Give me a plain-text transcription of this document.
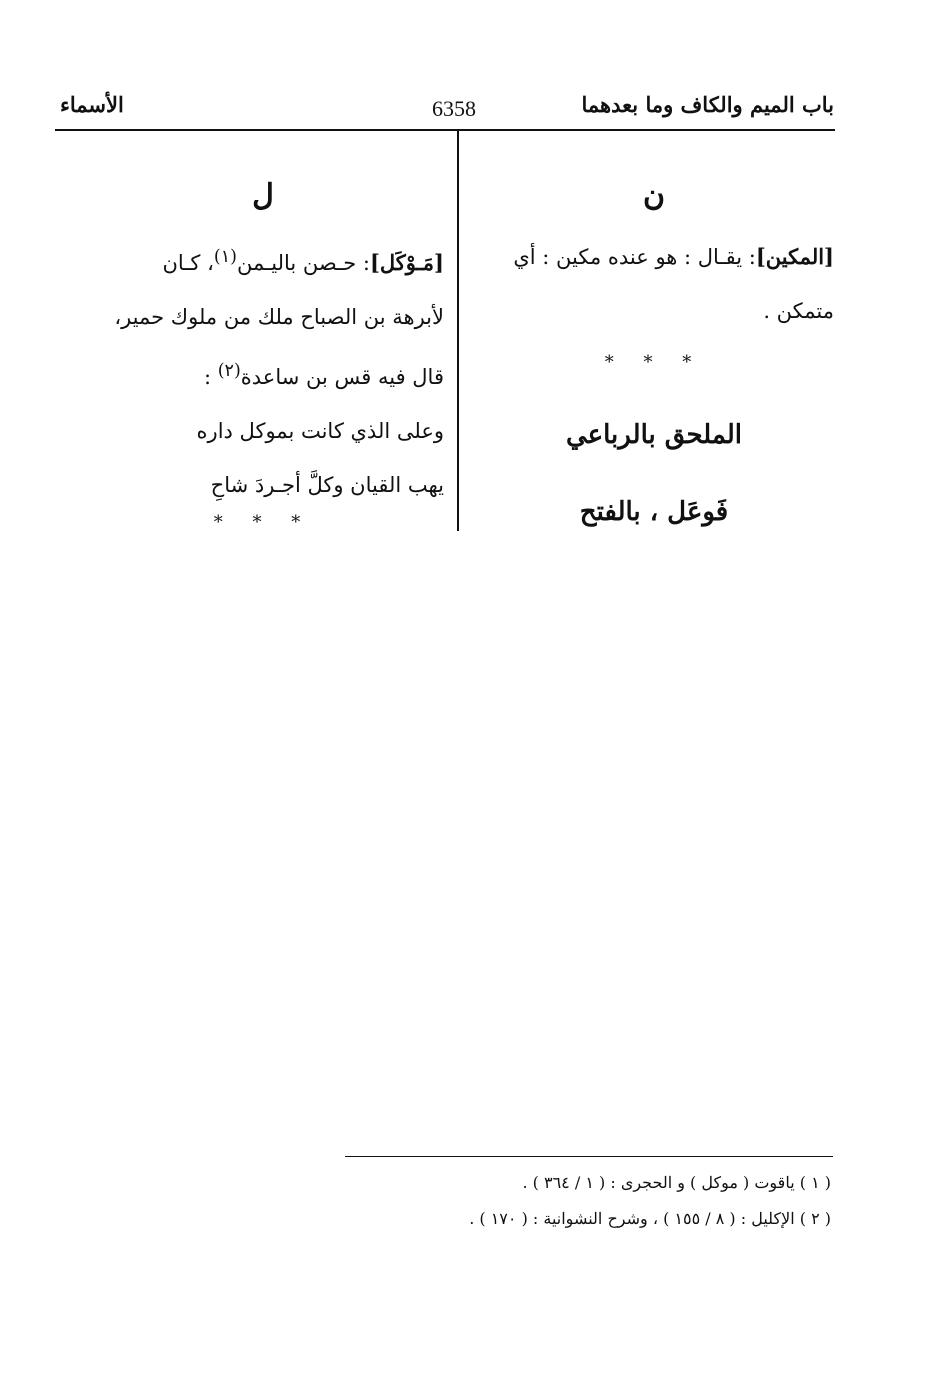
باب الميم والكاف وما بعدهما
6358
الأسماء
ن
[المكين]: يقـال : هو عنده مكين : أي
متمكن .
* * *
الملحق بالرباعي
فَوعَل ، بالفتح
ل
[مَـوْكَل]: حـصن باليـمن$^{(١)}$، كـان
لأبرهة بن الصباح ملك من ملوك حمير،
قال فيه قس بن ساعدة$^{(٢)}$ :
وعلى الذي كانت بموكل داره
يهب القيان وكلَّ أجـردَ شاحِ
* * *
( ١ ) ياقوت ( موكل ) و الحجرى : ( ١ / ٣٦٤ ) .
( ٢ ) الإكليل : ( ٨ / ١٥٥ ) ، وشرح النشوانية : ( ١٧٠ ) .
